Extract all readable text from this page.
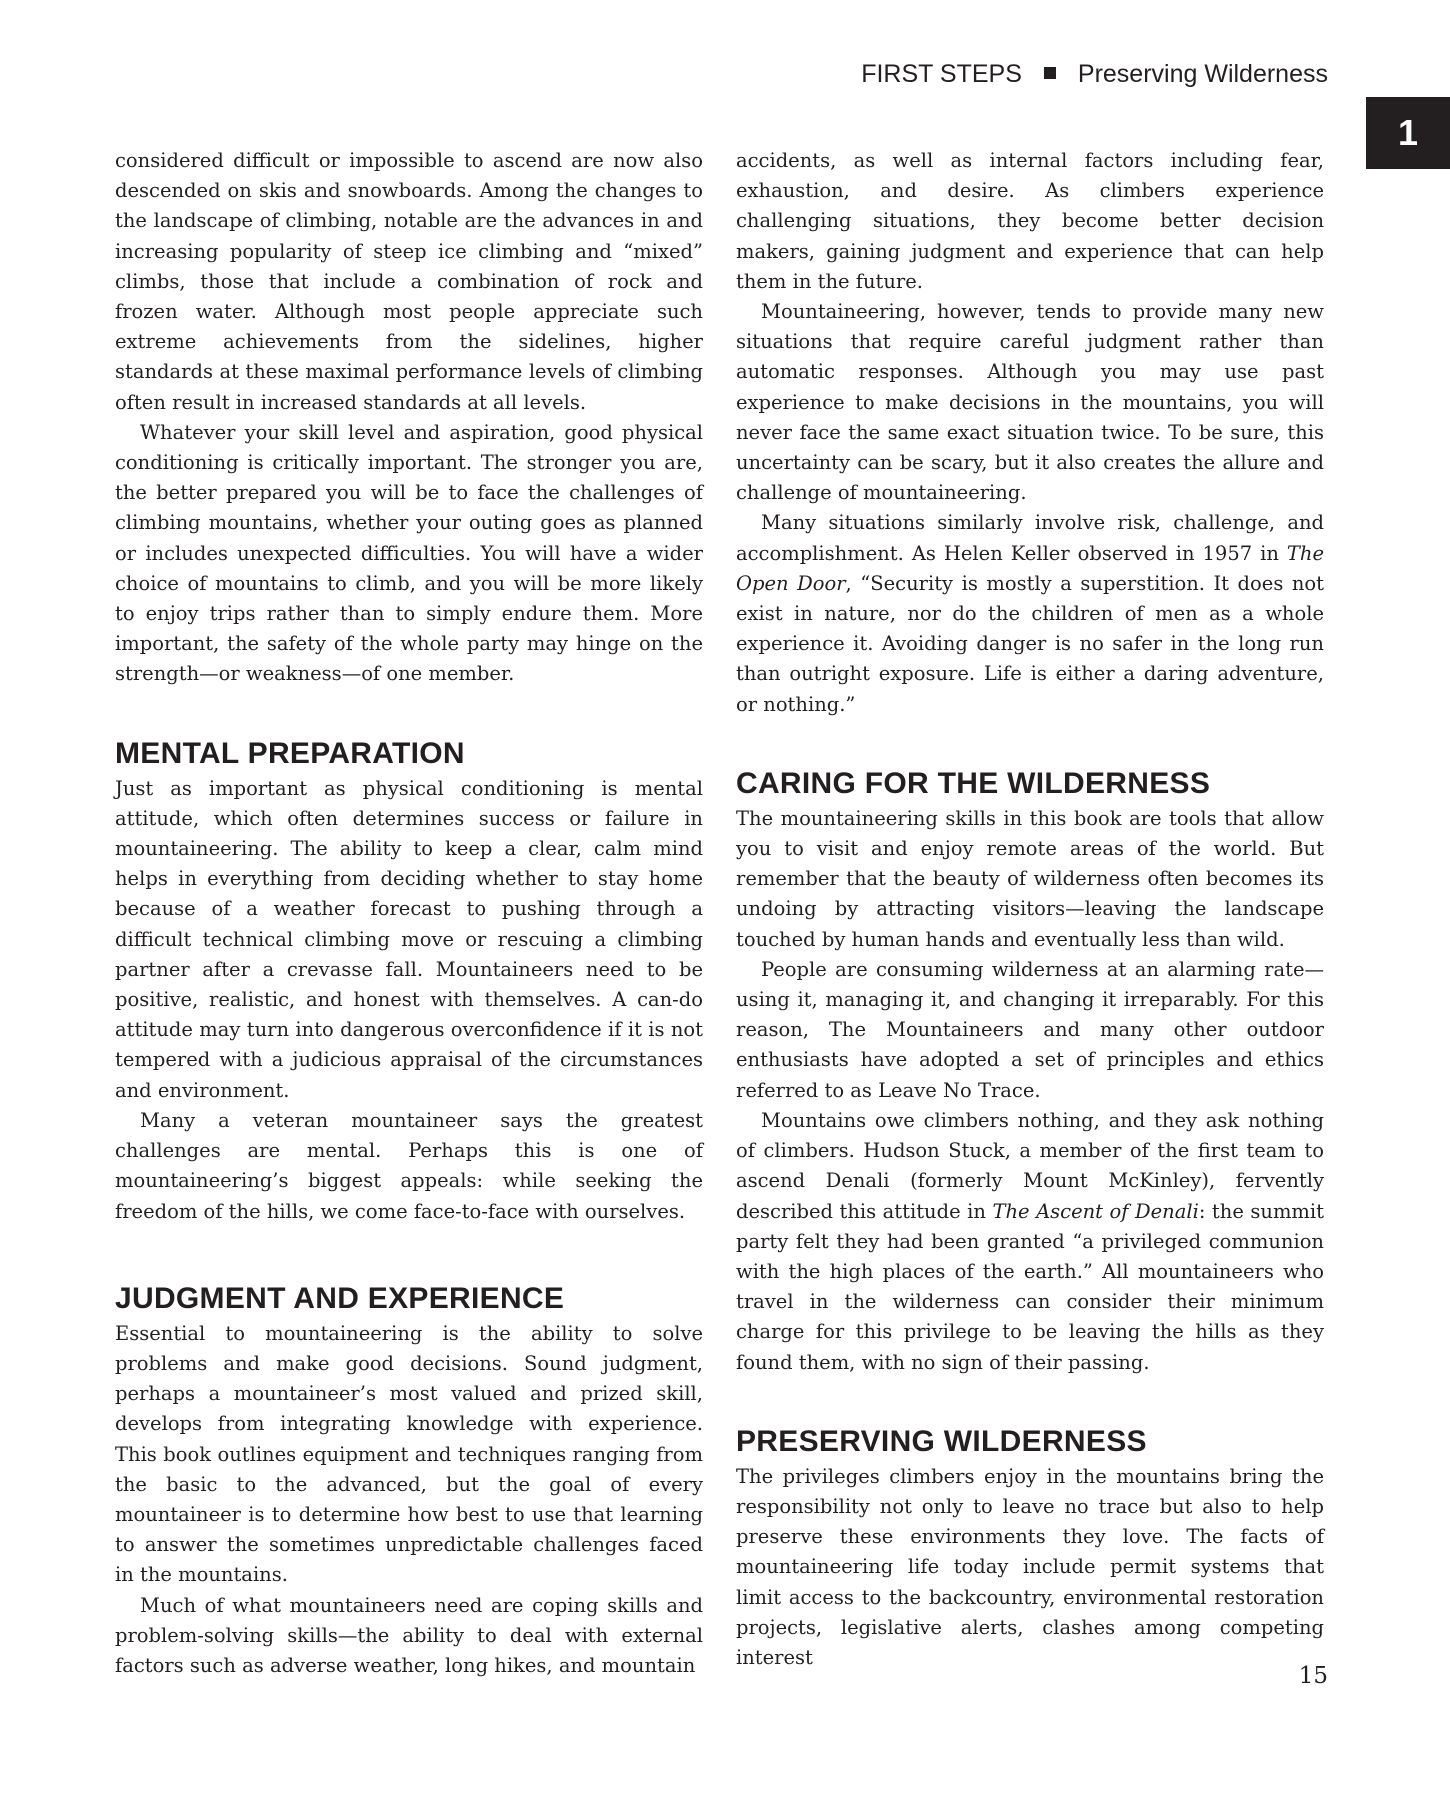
FIRST STEPS Preserving Wilderness
1

considered difficult or impossible to ascend are now also descended on skis and snowboards. Among the changes to the landscape of climbing, notable are the advances in and increasing popularity of steep ice climbing and “mixed” climbs, those that include a combination of rock and frozen water. Although most people appreciate such extreme achievements from the sidelines, higher standards at these maximal performance levels of climbing often result in increased standards at all levels.

Whatever your skill level and aspiration, good physical conditioning is critically important. The stronger you are, the better prepared you will be to face the challenges of climbing mountains, whether your outing goes as planned or includes unexpected difficulties. You will have a wider choice of mountains to climb, and you will be more likely to enjoy trips rather than to simply endure them. More important, the safety of the whole party may hinge on the strength—or weakness—of one member.

MENTAL PREPARATION

Just as important as physical conditioning is mental attitude, which often determines success or failure in mountaineering. The ability to keep a clear, calm mind helps in everything from deciding whether to stay home because of a weather forecast to pushing through a difficult technical climbing move or rescuing a climbing partner after a crevasse fall. Mountaineers need to be positive, realistic, and honest with themselves. A can-do attitude may turn into dangerous overconfidence if it is not tempered with a judicious appraisal of the circumstances and environment.

Many a veteran mountaineer says the greatest challenges are mental. Perhaps this is one of mountaineering’s biggest appeals: while seeking the freedom of the hills, we come face-to-face with ourselves.

JUDGMENT AND EXPERIENCE

Essential to mountaineering is the ability to solve problems and make good decisions. Sound judgment, perhaps a mountaineer’s most valued and prized skill, develops from integrating knowledge with experience. This book outlines equipment and techniques ranging from the basic to the advanced, but the goal of every mountaineer is to determine how best to use that learning to answer the sometimes unpredictable challenges faced in the mountains.

Much of what mountaineers need are coping skills and problem-solving skills—the ability to deal with external factors such as adverse weather, long hikes, and mountain

accidents, as well as internal factors including fear, exhaustion, and desire. As climbers experience challenging situations, they become better decision makers, gaining judgment and experience that can help them in the future.

Mountaineering, however, tends to provide many new situations that require careful judgment rather than automatic responses. Although you may use past experience to make decisions in the mountains, you will never face the same exact situation twice. To be sure, this uncertainty can be scary, but it also creates the allure and challenge of mountaineering.

Many situations similarly involve risk, challenge, and accomplishment. As Helen Keller observed in 1957 in The Open Door, “Security is mostly a superstition. It does not exist in nature, nor do the children of men as a whole experience it. Avoiding danger is no safer in the long run than outright exposure. Life is either a daring adventure, or nothing.”

CARING FOR THE WILDERNESS

The mountaineering skills in this book are tools that allow you to visit and enjoy remote areas of the world. But remember that the beauty of wilderness often becomes its undoing by attracting visitors—leaving the landscape touched by human hands and eventually less than wild.

People are consuming wilderness at an alarming rate—using it, managing it, and changing it irreparably. For this reason, The Mountaineers and many other outdoor enthusiasts have adopted a set of principles and ethics referred to as Leave No Trace.

Mountains owe climbers nothing, and they ask nothing of climbers. Hudson Stuck, a member of the first team to ascend Denali (formerly Mount McKinley), fervently described this attitude in The Ascent of Denali: the summit party felt they had been granted “a privileged communion with the high places of the earth.” All mountaineers who travel in the wilderness can consider their minimum charge for this privilege to be leaving the hills as they found them, with no sign of their passing.

PRESERVING WILDERNESS

The privileges climbers enjoy in the mountains bring the responsibility not only to leave no trace but also to help preserve these environments they love. The facts of mountaineering life today include permit systems that limit access to the backcountry, environmental restoration projects, legislative alerts, clashes among competing interest

15
